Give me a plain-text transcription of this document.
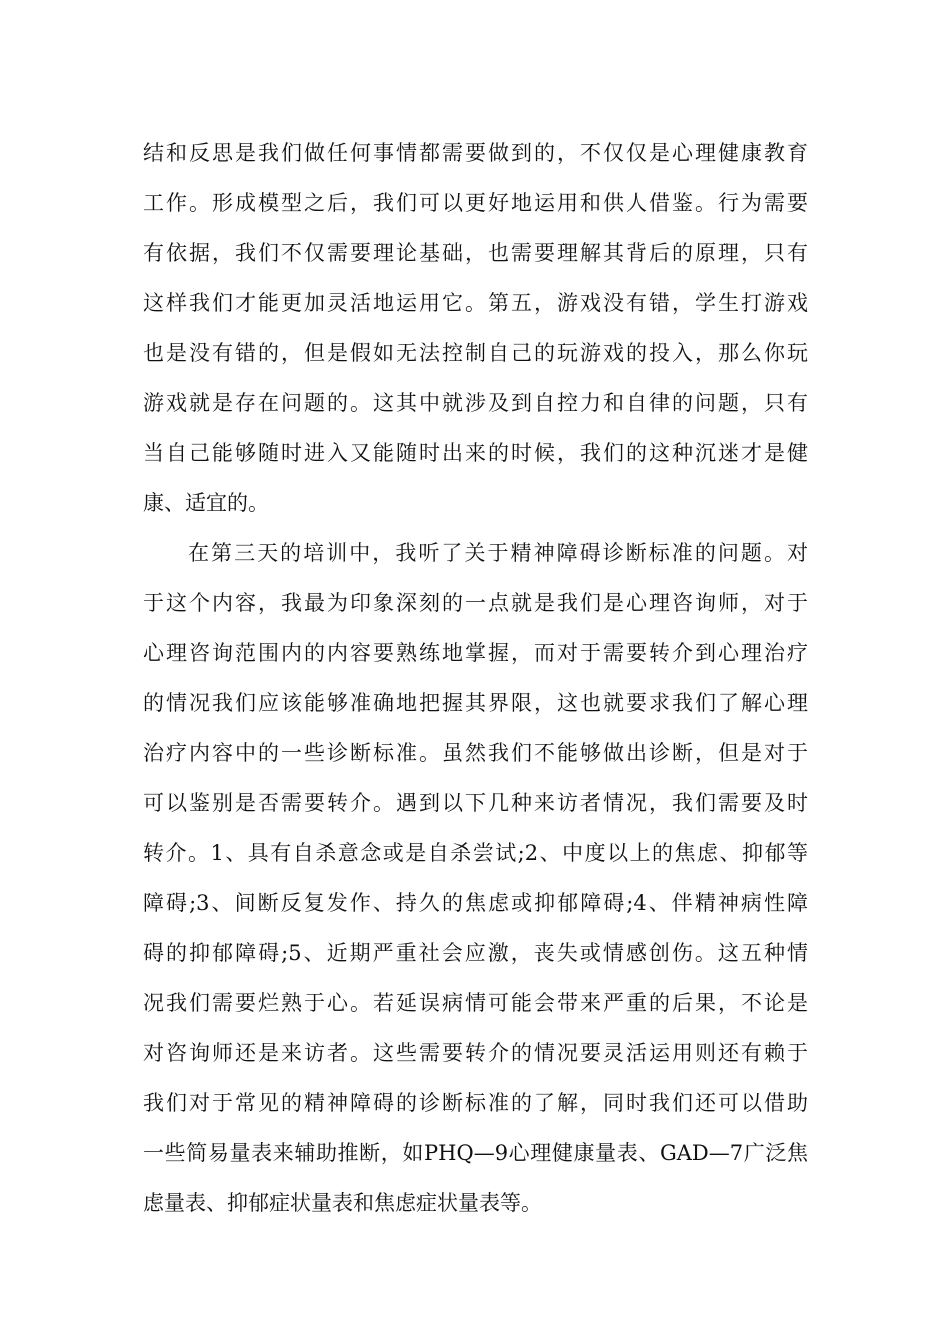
结和反思是我们做任何事情都需要做到的，不仅仅是心理健康教育
工作。形成模型之后，我们可以更好地运用和供人借鉴。行为需要
有依据，我们不仅需要理论基础，也需要理解其背后的原理，只有
这样我们才能更加灵活地运用它。第五，游戏没有错，学生打游戏
也是没有错的，但是假如无法控制自己的玩游戏的投入，那么你玩
游戏就是存在问题的。这其中就涉及到自控力和自律的问题，只有
当自己能够随时进入又能随时出来的时候，我们的这种沉迷才是健
康、适宜的。
在第三天的培训中，我听了关于精神障碍诊断标准的问题。对
于这个内容，我最为印象深刻的一点就是我们是心理咨询师，对于
心理咨询范围内的内容要熟练地掌握，而对于需要转介到心理治疗
的情况我们应该能够准确地把握其界限，这也就要求我们了解心理
治疗内容中的一些诊断标准。虽然我们不能够做出诊断，但是对于
可以鉴别是否需要转介。遇到以下几种来访者情况，我们需要及时
转介。1、具有自杀意念或是自杀尝试;2、中度以上的焦虑、抑郁等
障碍;3、间断反复发作、持久的焦虑或抑郁障碍;4、伴精神病性障
碍的抑郁障碍;5、近期严重社会应激，丧失或情感创伤。这五种情
况我们需要烂熟于心。若延误病情可能会带来严重的后果，不论是
对咨询师还是来访者。这些需要转介的情况要灵活运用则还有赖于
我们对于常见的精神障碍的诊断标准的了解，同时我们还可以借助
一些简易量表来辅助推断，如PHQ—9心理健康量表、GAD—7广泛焦
虑量表、抑郁症状量表和焦虑症状量表等。
